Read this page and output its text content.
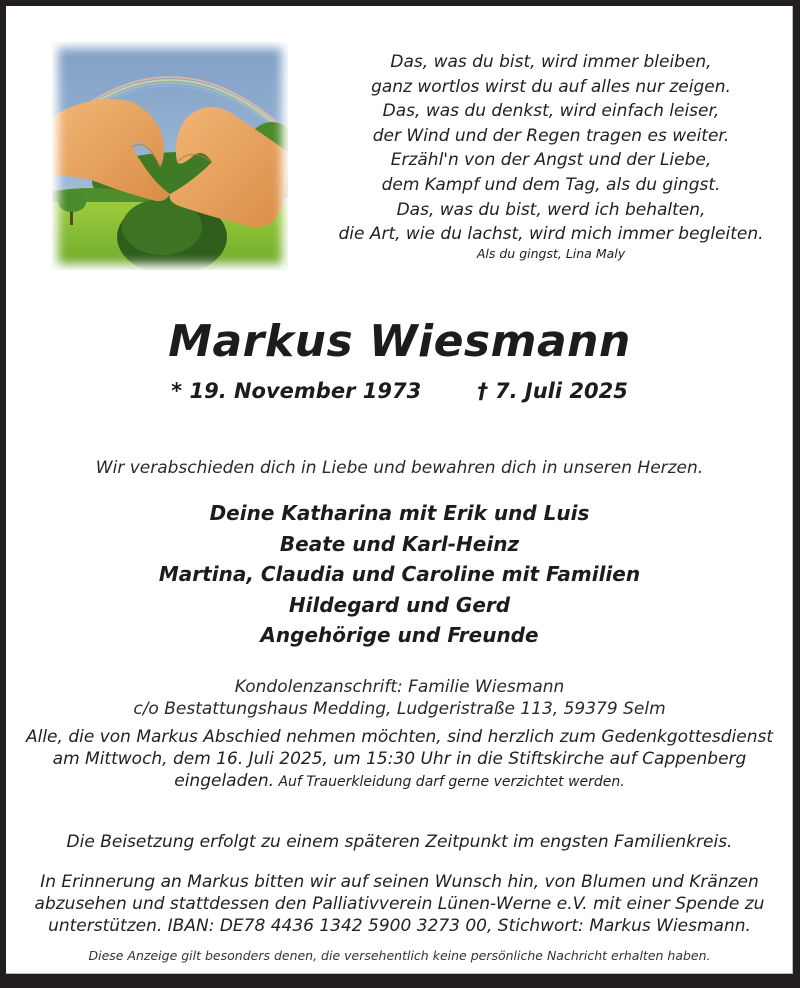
Das, was du bist, wird immer bleiben,
ganz wortlos wirst du auf alles nur zeigen.
Das, was du denkst, wird einfach leiser,
der Wind und der Regen tragen es weiter.
Erzähl'n von der Angst und der Liebe,
dem Kampf und dem Tag, als du gingst.
Das, was du bist, werd ich behalten,
die Art, wie du lachst, wird mich immer begleiten.
Als du gingst, Lina Maly
Markus Wiesmann
* 19. November 1973	† 7. Juli 2025
Wir verabschieden dich in Liebe und bewahren dich in unseren Herzen.
Deine Katharina mit Erik und Luis
Beate und Karl-Heinz
Martina, Claudia und Caroline mit Familien
Hildegard und Gerd
Angehörige und Freunde
Kondolenzanschrift: Familie Wiesmann
c/o Bestattungshaus Medding, Ludgeristraße 113, 59379 Selm
Alle, die von Markus Abschied nehmen möchten, sind herzlich zum Gedenkgottesdienst
am Mittwoch, dem 16. Juli 2025, um 15:30 Uhr in die Stiftskirche auf Cappenberg
eingeladen. Auf Trauerkleidung darf gerne verzichtet werden.
Die Beisetzung erfolgt zu einem späteren Zeitpunkt im engsten Familienkreis.
In Erinnerung an Markus bitten wir auf seinen Wunsch hin, von Blumen und Kränzen
abzusehen und stattdessen den Palliativverein Lünen-Werne e.V. mit einer Spende zu
unterstützen. IBAN: DE78 4436 1342 5900 3273 00, Stichwort: Markus Wiesmann.
Diese Anzeige gilt besonders denen, die versehentlich keine persönliche Nachricht erhalten haben.
